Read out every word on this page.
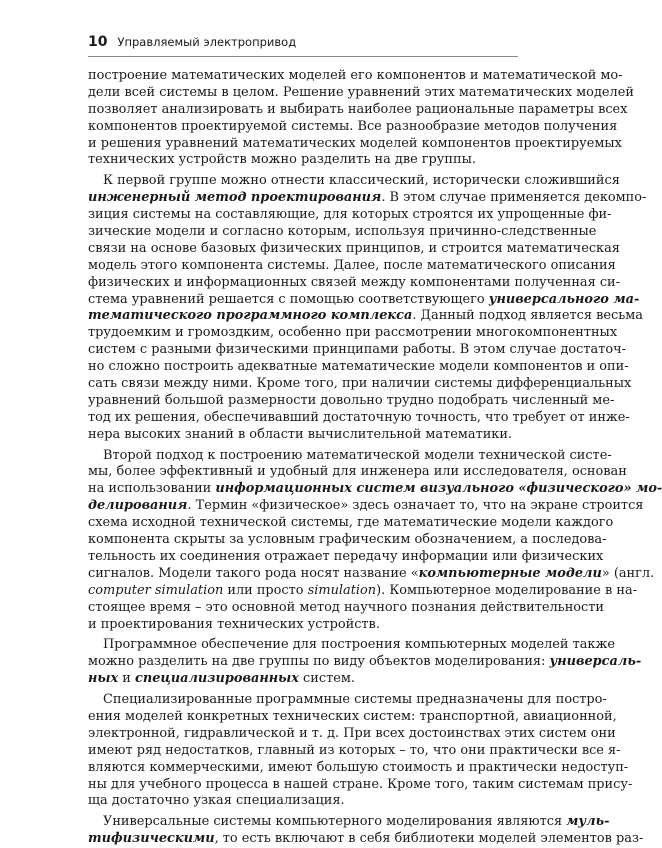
10 Управляемый электропривод
построение математических моделей его компонентов и математической мо-
дели всей системы в целом. Решение уравнений этих математических моделей
позволяет анализировать и выбирать наиболее рациональные параметры всех
компонентов проектируемой системы. Все разнообразие методов получения
и решения уравнений математических моделей компонентов проектируемых
технических устройств можно разделить на две группы.
К первой группе можно отнести классический, исторически сложившийся
инженерный метод проектирования. В этом случае применяется декомпо-
зиция системы на составляющие, для которых строятся их упрощенные фи-
зические модели и согласно которым, используя причинно-следственные
связи на основе базовых физических принципов, и строится математическая
модель этого компонента системы. Далее, после математического описания
физических и информационных связей между компонентами полученная си-
стема уравнений решается с помощью соответствующего универсального ма-
тематического программного комплекса. Данный подход является весьма
трудоемким и громоздким, особенно при рассмотрении многокомпонентных
систем с разными физическими принципами работы. В этом случае достаточ-
но сложно построить адекватные математические модели компонентов и опи-
сать связи между ними. Кроме того, при наличии системы дифференциальных
уравнений большой размерности довольно трудно подобрать численный ме-
тод их решения, обеспечивавший достаточную точность, что требует от инже-
нера высоких знаний в области вычислительной математики.
Второй подход к построению математической модели технической систе-
мы, более эффективный и удобный для инженера или исследователя, основан
на использовании информационных систем визуального «физического» мо-
делирования. Термин «физическое» здесь означает то, что на экране строится
схема исходной технической системы, где математические модели каждого
компонента скрыты за условным графическим обозначением, а последова-
тельность их соединения отражает передачу информации или физических
сигналов. Модели такого рода носят название «компьютерные модели» (англ.
computer simulation или просто simulation). Компьютерное моделирование в на-
стоящее время – это основной метод научного познания действительности
и проектирования технических устройств.
Программное обеспечение для построения компьютерных моделей также
можно разделить на две группы по виду объектов моделирования: универсаль-
ных и специализированных систем.
Специализированные программные системы предназначены для постро-
ения моделей конкретных технических систем: транспортной, авиационной,
электронной, гидравлической и т. д. При всех достоинствах этих систем они
имеют ряд недостатков, главный из которых – то, что они практически все я-
вляются коммерческими, имеют большую стоимость и практически недоступ-
ны для учебного процесса в нашей стране. Кроме того, таким системам прису-
ща достаточно узкая специализация.
Универсальные системы компьютерного моделирования являются муль-
тифизическими, то есть включают в себя библиотеки моделей элементов раз-
